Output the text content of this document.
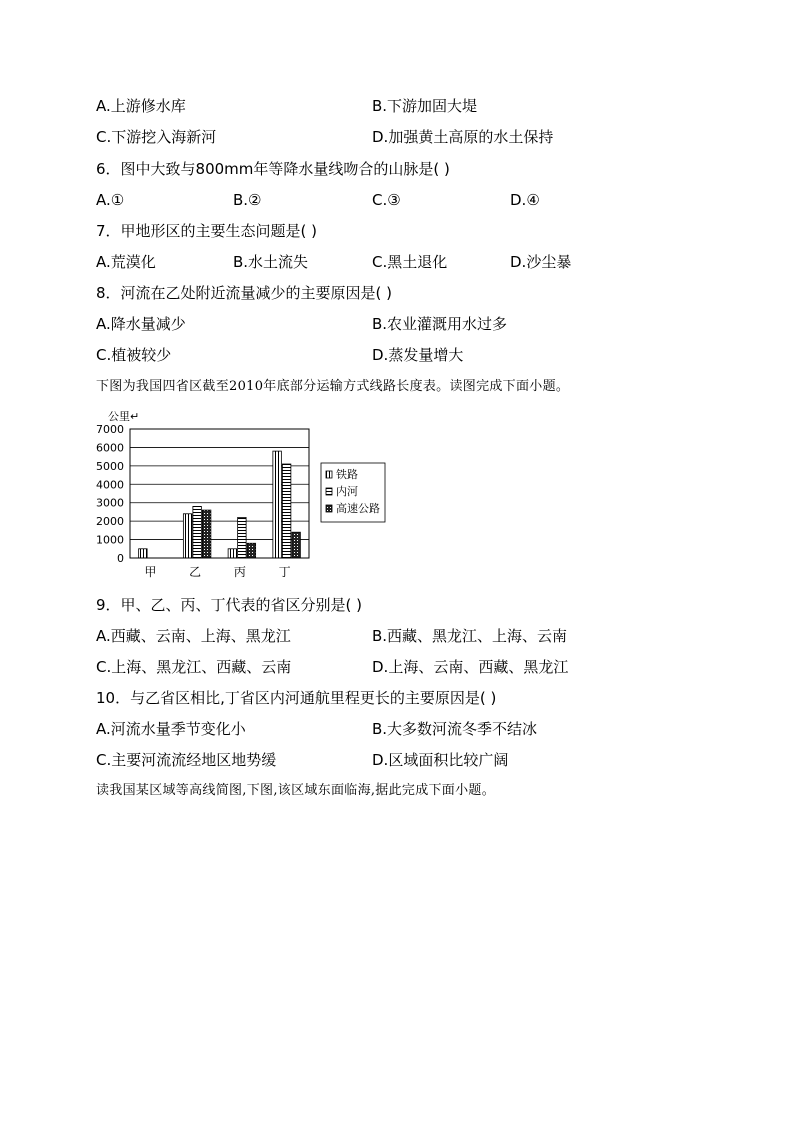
A.上游修水库	B.下游加固大堤
C.下游挖入海新河	D.加强黄土高原的水土保持
6．图中大致与800mm年等降水量线吻合的山脉是( )
A.①	B.②	C.③	D.④
7．甲地形区的主要生态问题是( )
A.荒漠化	B.水土流失	C.黑土退化	D.沙尘暴
8．河流在乙处附近流量减少的主要原因是( )
A.降水量减少	B.农业灌溉用水过多
C.植被较少	D.蒸发量增大
下图为我国四省区截至2010年底部分运输方式线路长度表。读图完成下面小题。
公里↵
0
1000
2000
3000
4000
5000
6000
7000
甲	乙	丙	丁
铁路
内河
高速公路
9．甲、乙、丙、丁代表的省区分别是( )
A.西藏、云南、上海、黑龙江	B.西藏、黑龙江、上海、云南
C.上海、黑龙江、西藏、云南	D.上海、云南、西藏、黑龙江
10．与乙省区相比,丁省区内河通航里程更长的主要原因是( )
A.河流水量季节变化小	B.大多数河流冬季不结冰
C.主要河流流经地区地势缓	D.区域面积比较广阔
读我国某区域等高线简图,下图,该区域东面临海,据此完成下面小题。
